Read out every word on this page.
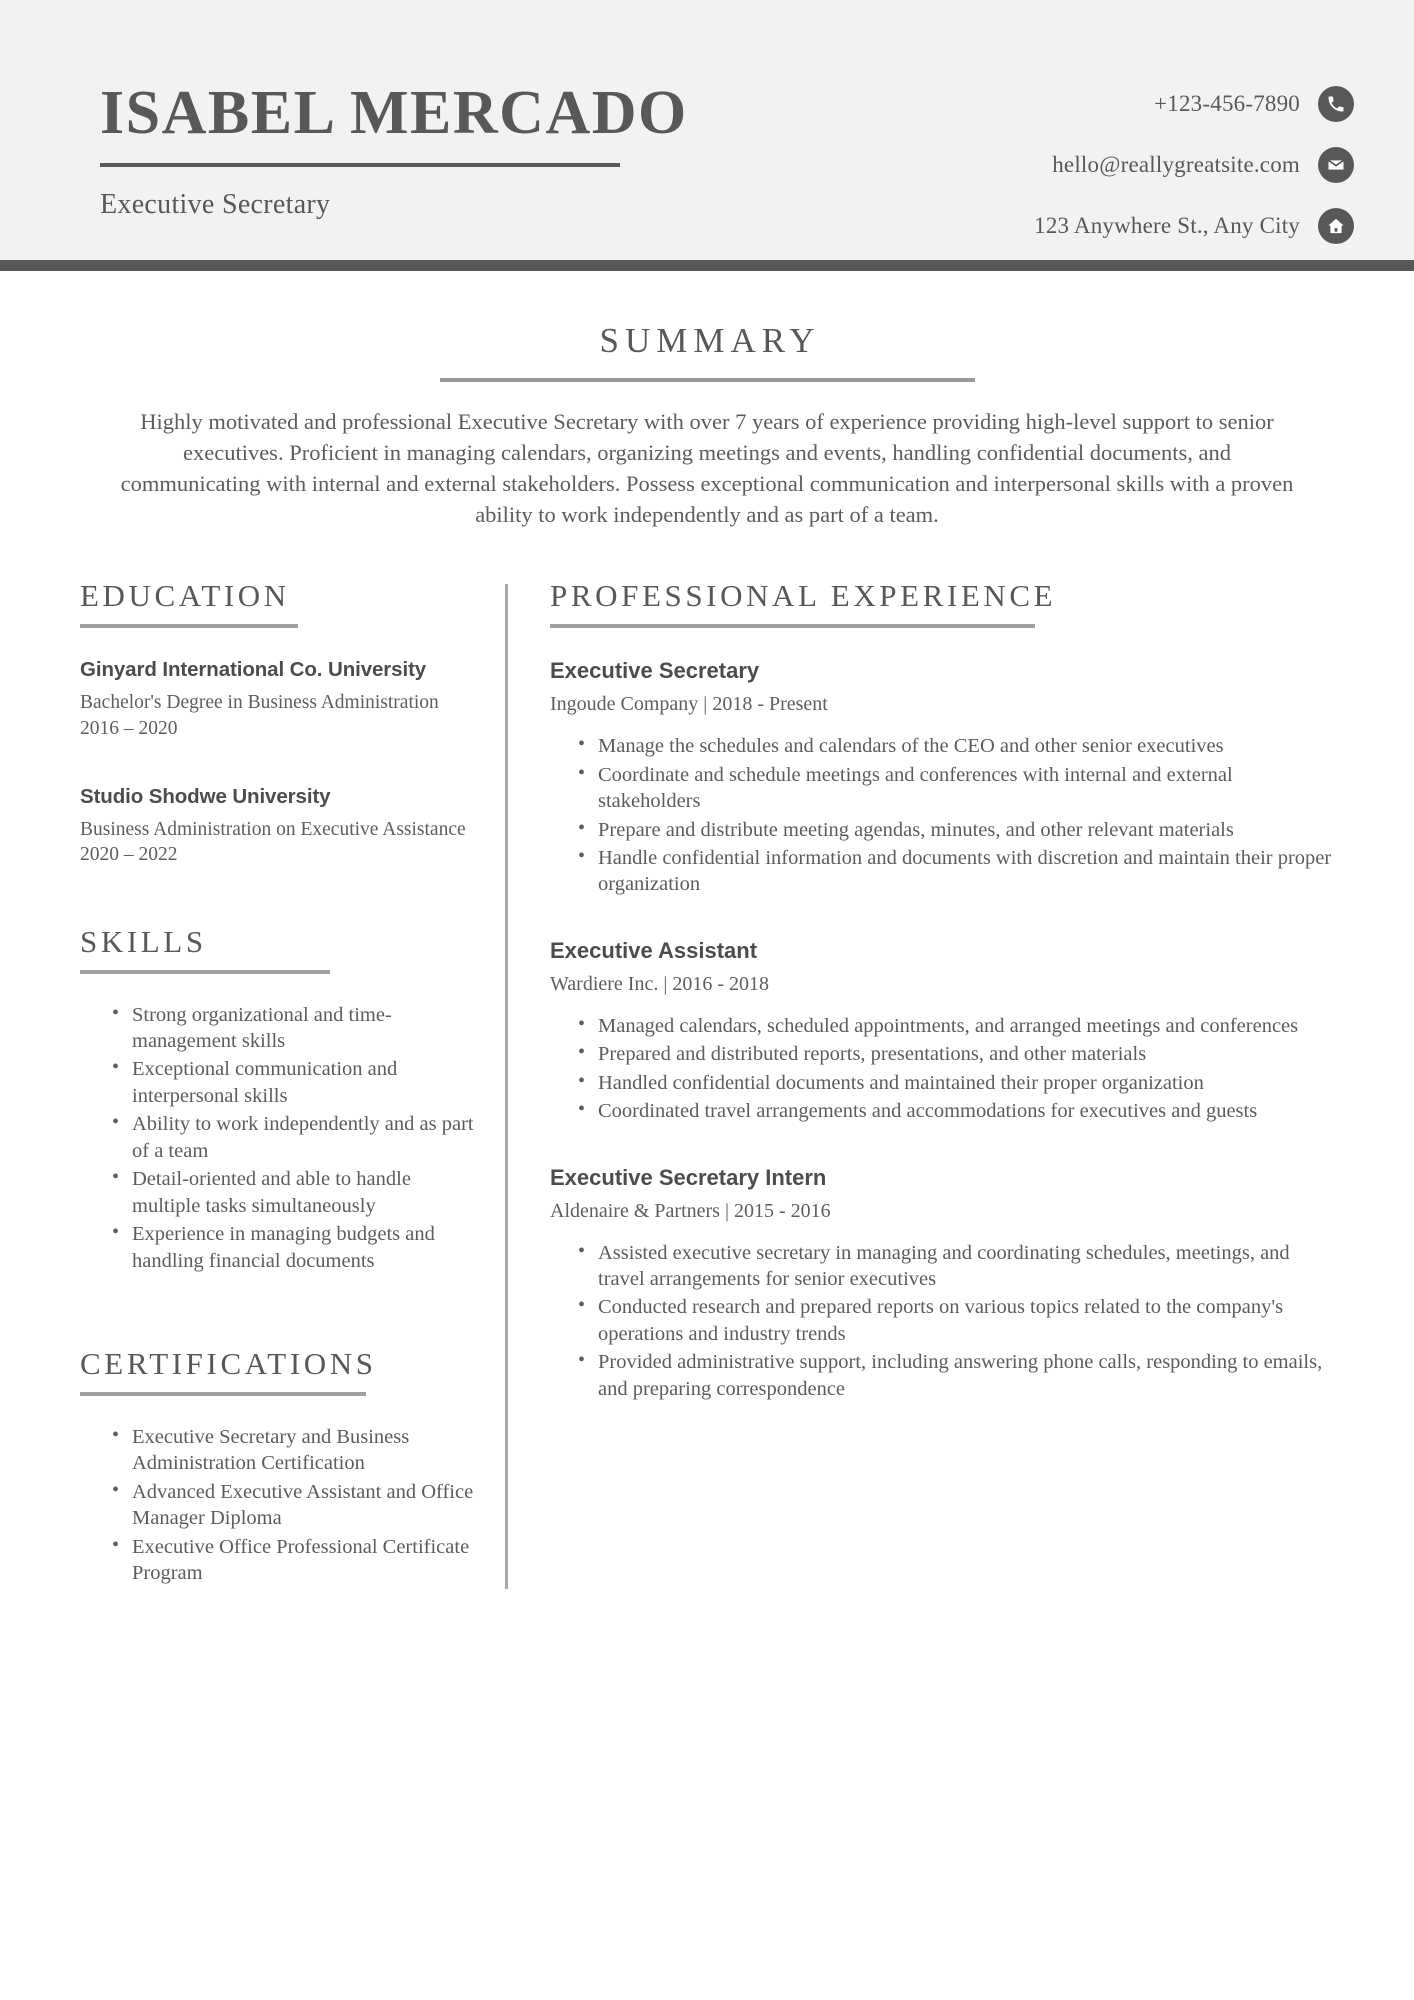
ISABEL MERCADO
Executive Secretary
+123-456-7890
hello@reallygreatsite.com
123 Anywhere St., Any City
SUMMARY

Highly motivated and professional Executive Secretary with over 7 years of experience providing high-level support to senior executives. Proficient in managing calendars, organizing meetings and events, handling confidential documents, and communicating with internal and external stakeholders. Possess exceptional communication and interpersonal skills with a proven ability to work independently and as part of a team.

EDUCATION
Ginyard International Co. University
Bachelor's Degree in Business Administration
2016 – 2020
Studio Shodwe University
Business Administration on Executive Assistance
2020 – 2022
SKILLS
• Strong organizational and time-management skills
• Exceptional communication and interpersonal skills
• Ability to work independently and as part of a team
• Detail-oriented and able to handle multiple tasks simultaneously
• Experience in managing budgets and handling financial documents
CERTIFICATIONS
• Executive Secretary and Business Administration Certification
• Advanced Executive Assistant and Office Manager Diploma
• Executive Office Professional Certificate Program
PROFESSIONAL EXPERIENCE
Executive Secretary
Ingoude Company | 2018 - Present
• Manage the schedules and calendars of the CEO and other senior executives
• Coordinate and schedule meetings and conferences with internal and external stakeholders
• Prepare and distribute meeting agendas, minutes, and other relevant materials
• Handle confidential information and documents with discretion and maintain their proper organization
Executive Assistant
Wardiere Inc. | 2016 - 2018
• Managed calendars, scheduled appointments, and arranged meetings and conferences
• Prepared and distributed reports, presentations, and other materials
• Handled confidential documents and maintained their proper organization
• Coordinated travel arrangements and accommodations for executives and guests
Executive Secretary Intern
Aldenaire & Partners | 2015 - 2016
• Assisted executive secretary in managing and coordinating schedules, meetings, and travel arrangements for senior executives
• Conducted research and prepared reports on various topics related to the company's operations and industry trends
• Provided administrative support, including answering phone calls, responding to emails, and preparing correspondence
